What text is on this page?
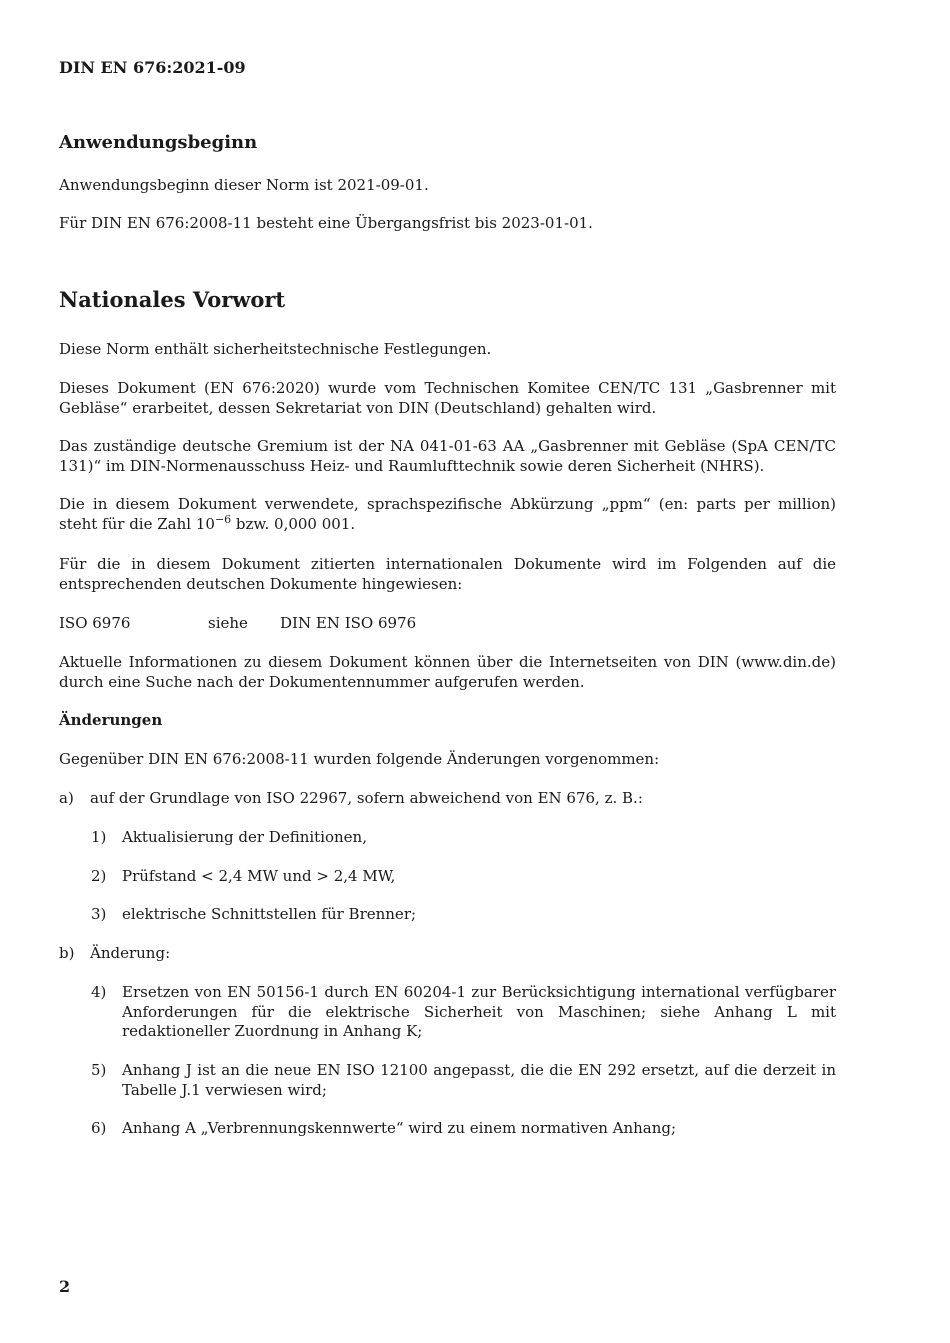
DIN EN 676:2021-09

Anwendungsbeginn

Anwendungsbeginn dieser Norm ist 2021-09-01.

Für DIN EN 676:2008-11 besteht eine Übergangsfrist bis 2023-01-01.

Nationales Vorwort

Diese Norm enthält sicherheitstechnische Festlegungen.

Dieses Dokument (EN 676:2020) wurde vom Technischen Komitee CEN/TC 131 „Gasbrenner mit Gebläse“ erarbeitet, dessen Sekretariat von DIN (Deutschland) gehalten wird.

Das zuständige deutsche Gremium ist der NA 041-01-63 AA „Gasbrenner mit Gebläse (SpA CEN/TC 131)“ im DIN-Normenausschuss Heiz- und Raumlufttechnik sowie deren Sicherheit (NHRS).

Die in diesem Dokument verwendete, sprachspezifische Abkürzung „ppm“ (en: parts per million) steht für die Zahl $10^{-6}$ bzw. 0,000 001.

Für die in diesem Dokument zitierten internationalen Dokumente wird im Folgenden auf die entsprechenden deutschen Dokumente hingewiesen:

ISO 6976	siehe DIN EN ISO 6976

Aktuelle Informationen zu diesem Dokument können über die Internetseiten von DIN (www.din.de) durch eine Suche nach der Dokumentennummer aufgerufen werden.

Änderungen

Gegenüber DIN EN 676:2008-11 wurden folgende Änderungen vorgenommen:

a) auf der Grundlage von ISO 22967, sofern abweichend von EN 676, z. B.:
1) Aktualisierung der Definitionen,
2) Prüfstand < 2,4 MW und > 2,4 MW,
3) elektrische Schnittstellen für Brenner;
b) Änderung:
4) Ersetzen von EN 50156-1 durch EN 60204-1 zur Berücksichtigung international verfügbarer Anforderungen für die elektrische Sicherheit von Maschinen; siehe Anhang L mit redaktioneller Zuordnung in Anhang K;
5) Anhang J ist an die neue EN ISO 12100 angepasst, die die EN 292 ersetzt, auf die derzeit in Tabelle J.1 verwiesen wird;
6) Anhang A „Verbrennungskennwerte“ wird zu einem normativen Anhang;
2
